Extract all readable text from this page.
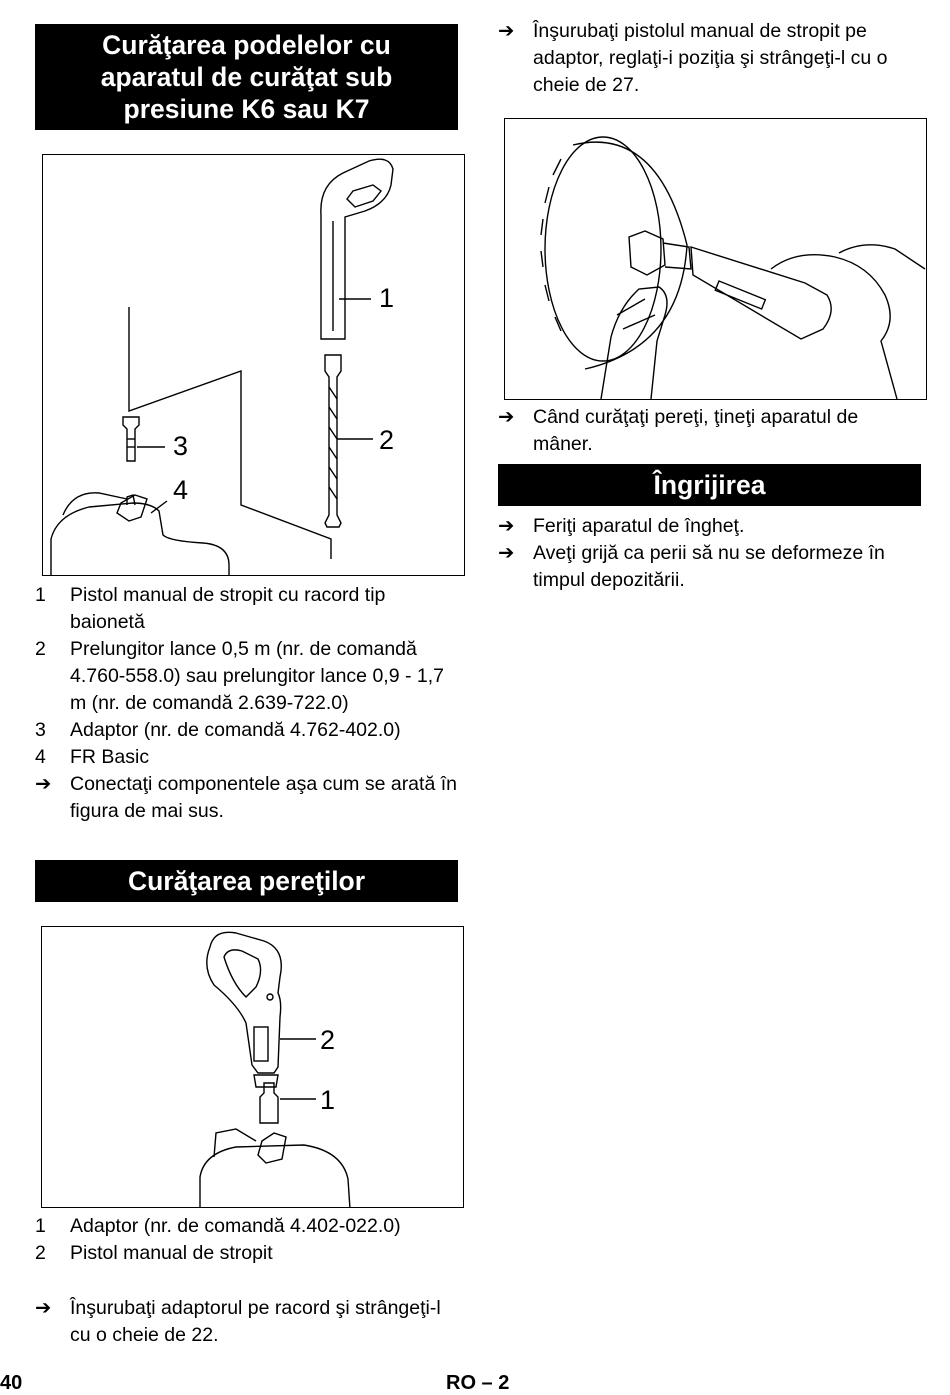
Curăţarea podelelor cu
aparatul de curăţat sub
presiune K6 sau K7
1
2
3
4
1	Pistol manual de stropit cu racord tip baionetă
2	Prelungitor lance 0,5 m (nr. de comandă 4.760-558.0) sau prelungitor lance 0,9 - 1,7 m (nr. de comandă 2.639-722.0)
3	Adaptor (nr. de comandă 4.762-402.0)
4	FR Basic
➔ Conectaţi componentele aşa cum se arată în figura de mai sus.
Curăţarea pereţilor
2
1
1	Adaptor (nr. de comandă 4.402-022.0)
2	Pistol manual de stropit
➔ Înşurubaţi adaptorul pe racord şi strângeţi-l cu o cheie de 22.
➔ Înşurubaţi pistolul manual de stropit pe adaptor, reglaţi-i poziţia şi strângeţi-l cu o cheie de 27.
➔ Când curăţaţi pereţi, ţineţi aparatul de mâner.
Îngrijirea
➔ Feriţi aparatul de îngheţ.
➔ Aveţi grijă ca perii să nu se deformeze în timpul depozitării.
40	RO – 2
